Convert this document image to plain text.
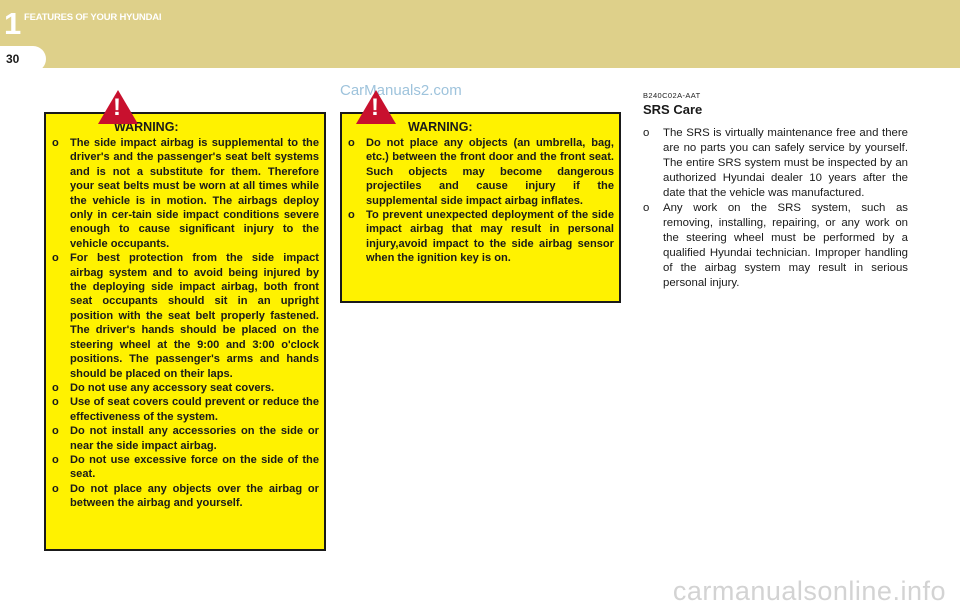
1 FEATURES OF YOUR HYUNDAI
30
CarManuals2.com
!
WARNING:
o The side impact airbag is supplemental to the driver's and the passenger's seat belt systems and is not a substitute for them. Therefore your seat belts must be worn at all times while the vehicle is in motion. The airbags deploy only in cer-tain side impact conditions severe enough to cause significant injury to the vehicle occupants.
o For best protection from the side impact airbag system and to avoid being injured by the deploying side impact airbag, both front seat occupants should sit in an upright position with the seat belt properly fastened. The driver's hands should be placed on the steering wheel at the 9:00 and 3:00 o'clock positions. The passenger's arms and hands should be placed on their laps.
o Do not use any accessory seat covers.
o Use of seat covers could prevent or reduce the effectiveness of the system.
o Do not install any accessories on the side or near the side impact airbag.
o Do not use excessive force on the side of the seat.
o Do not place any objects over the airbag or between the airbag and yourself.
!
WARNING:
o Do not place any objects (an umbrella, bag, etc.) between the front door and the front seat. Such objects may become dangerous projectiles and cause injury if the supplemental side impact airbag inflates.
o To prevent unexpected deployment of the side impact airbag that may result in personal injury,avoid impact to the side airbag sensor when the ignition key is on.
B240C02A-AAT
SRS Care
o The SRS is virtually maintenance free and there are no parts you can safely service by yourself. The entire SRS system must be inspected by an authorized Hyundai dealer 10 years after the date that the vehicle was manufactured.
o Any work on the SRS system, such as removing, installing, repairing, or any work on the steering wheel must be performed by a qualified Hyundai technician. Improper handling of the airbag system may result in serious personal injury.
carmanualsonline.info
